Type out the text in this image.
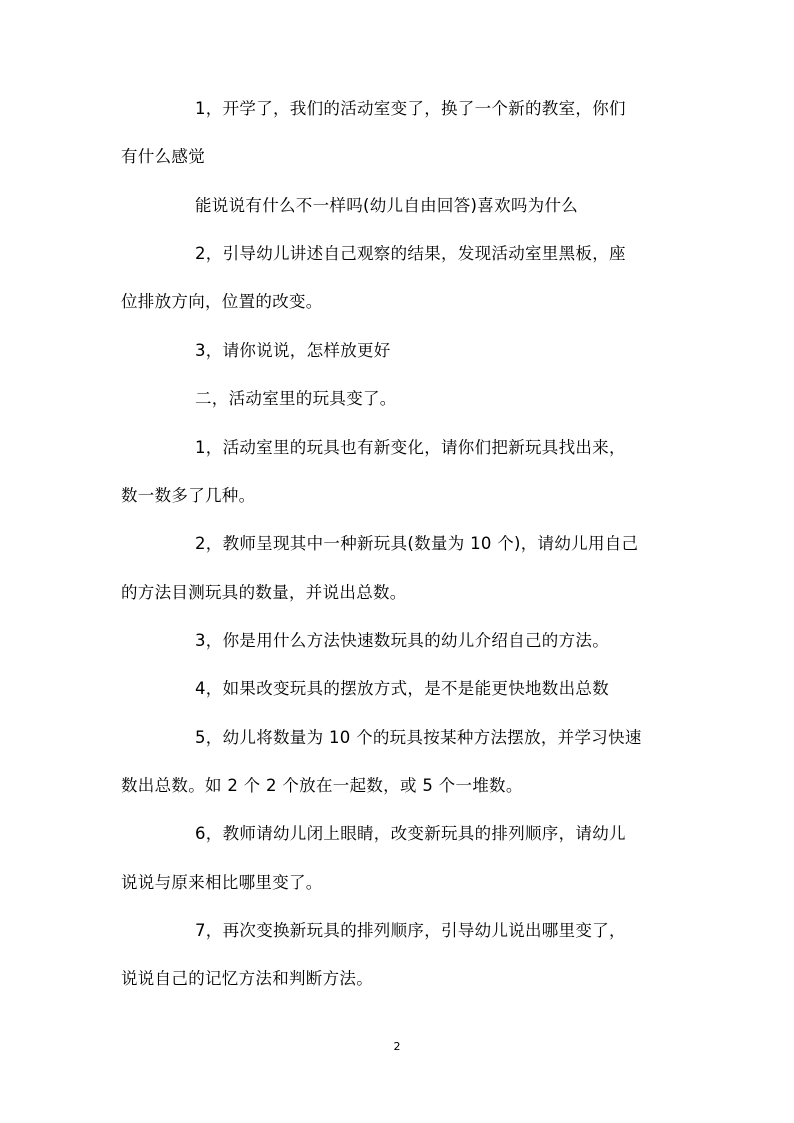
1，开学了，我们的活动室变了，换了一个新的教室，你们
有什么感觉
能说说有什么不一样吗(幼儿自由回答)喜欢吗为什么
2，引导幼儿讲述自己观察的结果，发现活动室里黑板，座
位排放方向，位置的改变。
3，请你说说，怎样放更好
二，活动室里的玩具变了。
1，活动室里的玩具也有新变化，请你们把新玩具找出来，
数一数多了几种。
2，教师呈现其中一种新玩具(数量为 10 个)，请幼儿用自己
的方法目测玩具的数量，并说出总数。
3，你是用什么方法快速数玩具的幼儿介绍自己的方法。
4，如果改变玩具的摆放方式，是不是能更快地数出总数
5，幼儿将数量为 10 个的玩具按某种方法摆放，并学习快速
数出总数。如 2 个 2 个放在一起数，或 5 个一堆数。
6，教师请幼儿闭上眼睛，改变新玩具的排列顺序，请幼儿
说说与原来相比哪里变了。
7，再次变换新玩具的排列顺序，引导幼儿说出哪里变了，
说说自己的记忆方法和判断方法。
2
